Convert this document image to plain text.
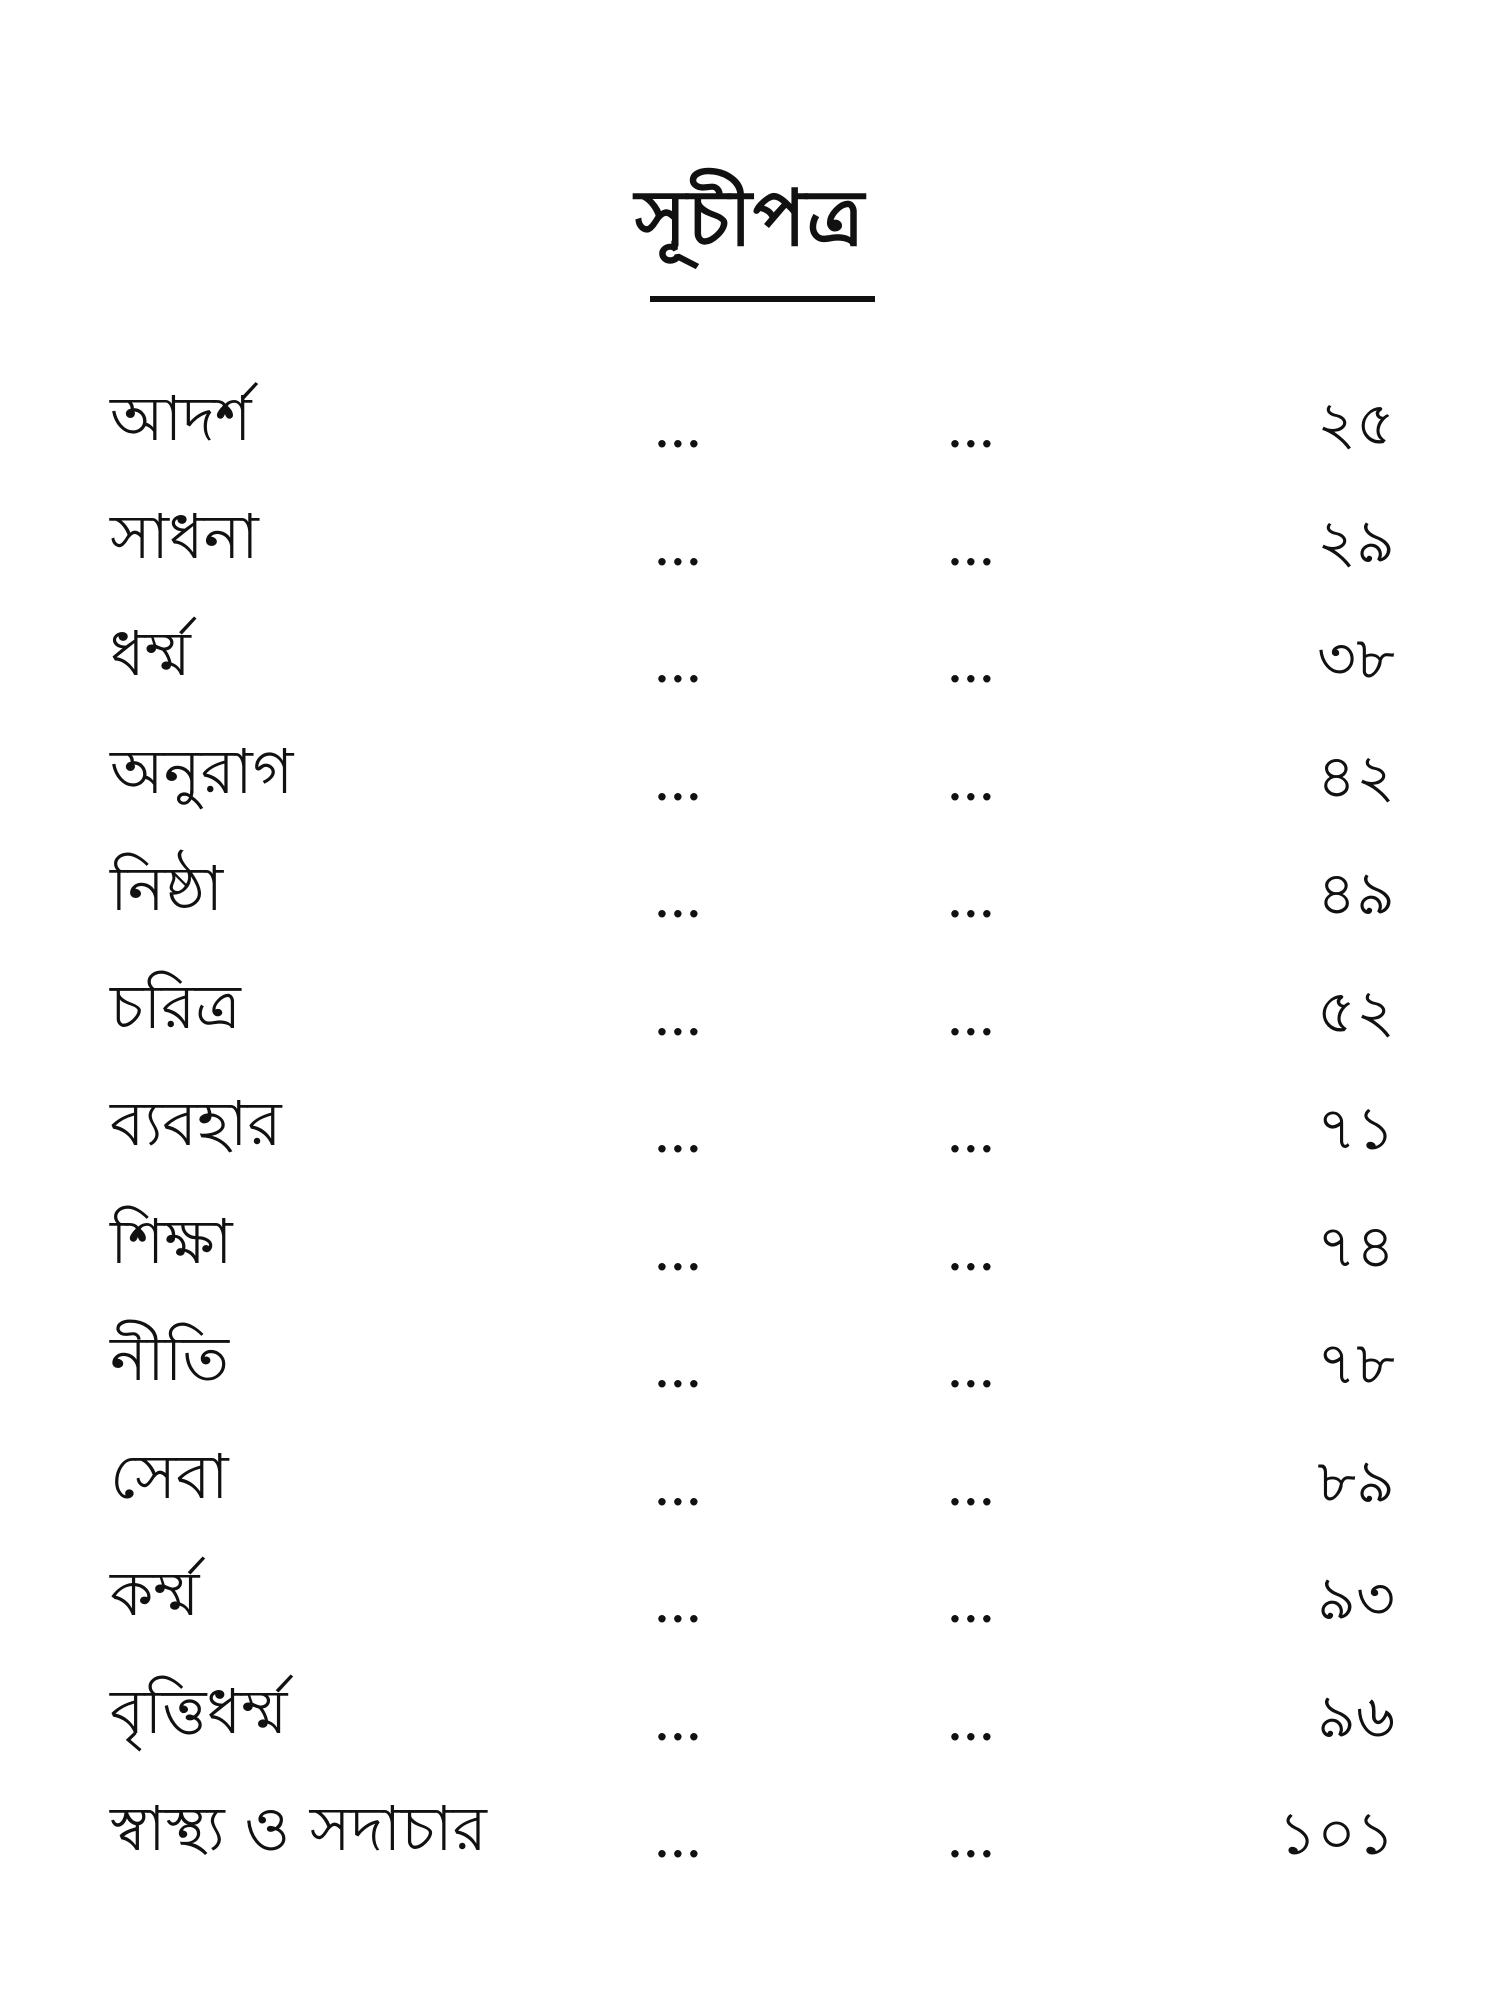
সূচীপত্র
আদর্শ	...	...	২৫
সাধনা	...	...	২৯
ধর্ম্ম	...	...	৩৮
অনুরাগ	...	...	৪২
নিষ্ঠা	...	...	৪৯
চরিত্র	...	...	৫২
ব্যবহার	...	...	৭১
শিক্ষা	...	...	৭৪
নীতি	...	...	৭৮
সেবা	...	...	৮৯
কর্ম্ম	...	...	৯৩
বৃত্তিধর্ম্ম	...	...	৯৬
স্বাস্থ্য ও সদাচার	...	...	১০১
